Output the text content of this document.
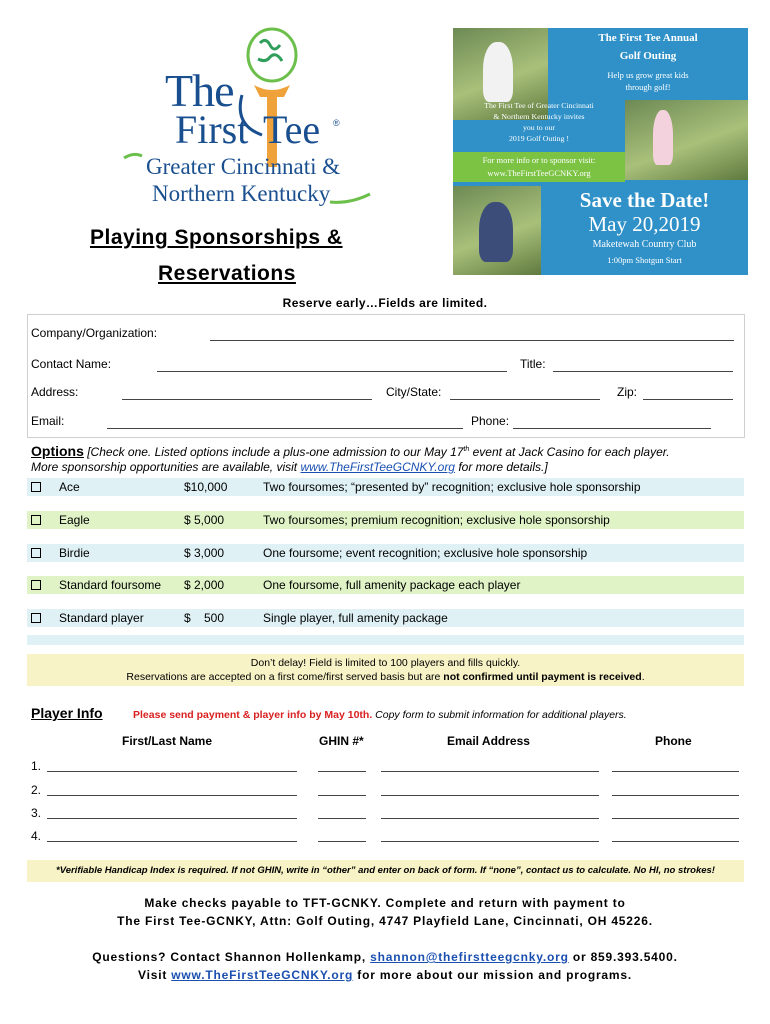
The
First Tee ®
Greater Cincinnati &
Northern Kentucky
Playing Sponsorships &
Reservations
The First Tee Annual
Golf Outing
Help us grow great kids
through golf!
The First Tee of Greater Cincinnati
& Northern Kentucky invites
you to our
2019 Golf Outing !
For more info or to sponsor visit:
www.TheFirstTeeGCNKY.org
Save the Date!
May 20,2019
Maketewah Country Club
1:00pm Shotgun Start
Reserve early…Fields are limited.
Company/Organization:
Contact Name:	Title:
Address:	City/State:	Zip:
Email:	Phone:
Options [Check one. Listed options include a plus-one admission to our May 17th event at Jack Casino for each player.
More sponsorship opportunities are available, visit www.TheFirstTeeGCNKY.org for more details.]
Ace	$10,000	Two foursomes; “presented by” recognition; exclusive hole sponsorship
Eagle	$ 5,000	Two foursomes; premium recognition; exclusive hole sponsorship
Birdie	$ 3,000	One foursome; event recognition; exclusive hole sponsorship
Standard foursome $ 2,000	One foursome, full amenity package each player
Standard player	$    500	Single player, full amenity package
Don’t delay! Field is limited to 100 players and fills quickly.
Reservations are accepted on a first come/first served basis but are not confirmed until payment is received.
Player Info	Please send payment & player info by May 10th. Copy form to submit information for additional players.
First/Last Name	GHIN #*	Email Address	Phone
1.
2.
3.
4.
*Verifiable Handicap Index is required. If not GHIN, write in “other” and enter on back of form. If “none”, contact us to calculate. No HI, no strokes!
Make checks payable to TFT-GCNKY. Complete and return with payment to
The First Tee-GCNKY, Attn: Golf Outing, 4747 Playfield Lane, Cincinnati, OH 45226.
Questions? Contact Shannon Hollenkamp, shannon@thefirstteegcnky.org or 859.393.5400.
Visit www.TheFirstTeeGCNKY.org for more about our mission and programs.
